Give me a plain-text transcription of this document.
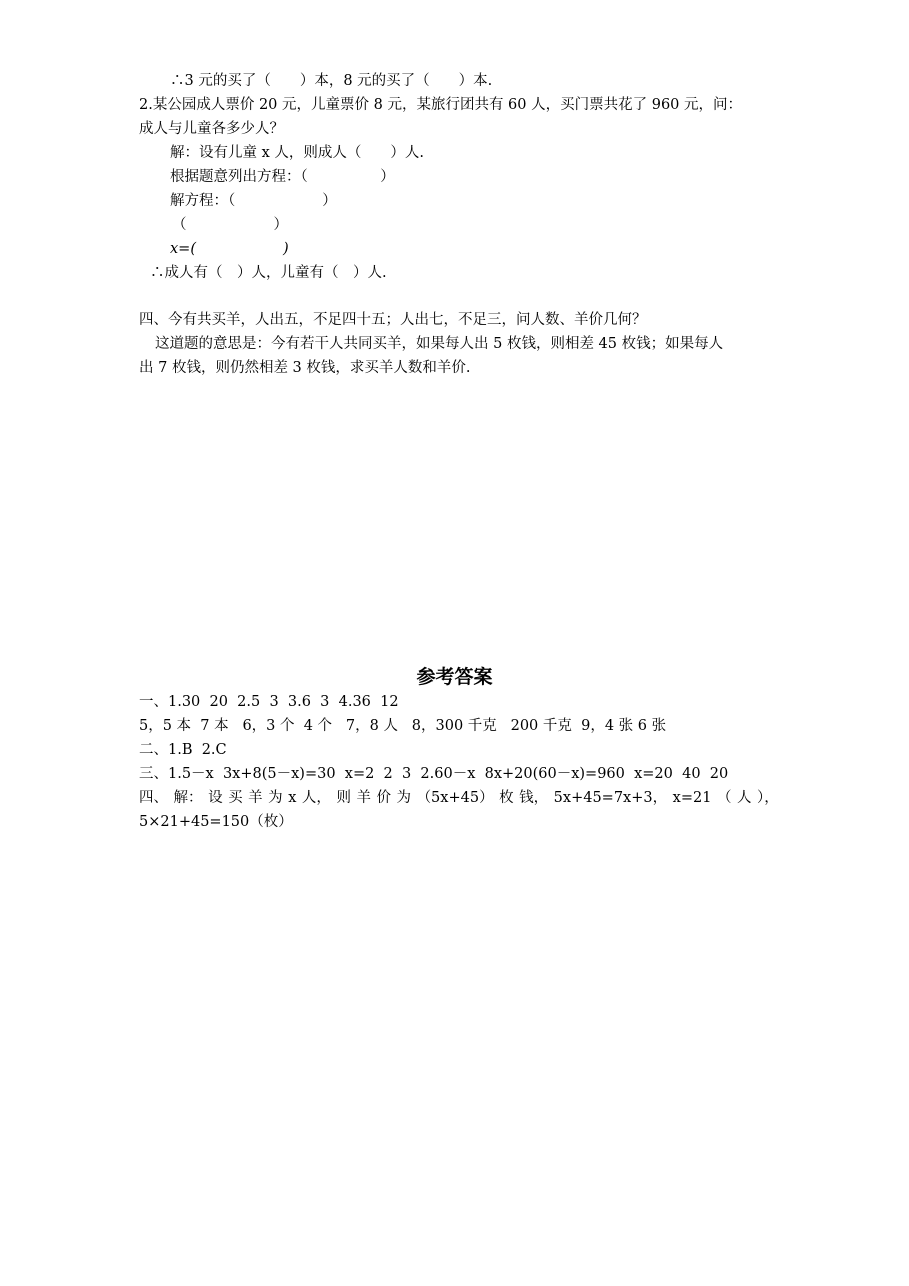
∴3 元的买了（　　）本，8 元的买了（　　）本.
2.某公园成人票价 20 元，儿童票价 8 元，某旅行团共有 60 人，买门票共花了 960 元，问：
成人与儿童各多少人？
解：设有儿童 x 人，则成人（　　）人.
根据题意列出方程：（　　　　　）
解方程：（　　　　　　）
（　　　　　　）
x=(　　　　　　)
∴成人有（　）人，儿童有（　）人.
四、今有共买羊，人出五，不足四十五；人出七，不足三，问人数、羊价几何？
这道题的意思是：今有若干人共同买羊，如果每人出 5 枚钱，则相差 45 枚钱；如果每人
出 7 枚钱，则仍然相差 3 枚钱，求买羊人数和羊价.
参考答案
一、1.30  20  2.5  3  3.6  3  4.36  12
5，5 本  7 本   6，3 个  4 个   7，8 人   8，300 千克   200 千克  9，4 张 6 张
二、1.B  2.C
三、1.5－x  3x+8(5－x)=30  x=2  2  3  2.60－x  8x+20(60－x)=960  x=20  40  20
四、 解： 设 买 羊 为 x 人， 则 羊 价 为 （5x+45） 枚 钱， 5x+45=7x+3， x=21 （ 人 ），
5×21+45=150（枚）
